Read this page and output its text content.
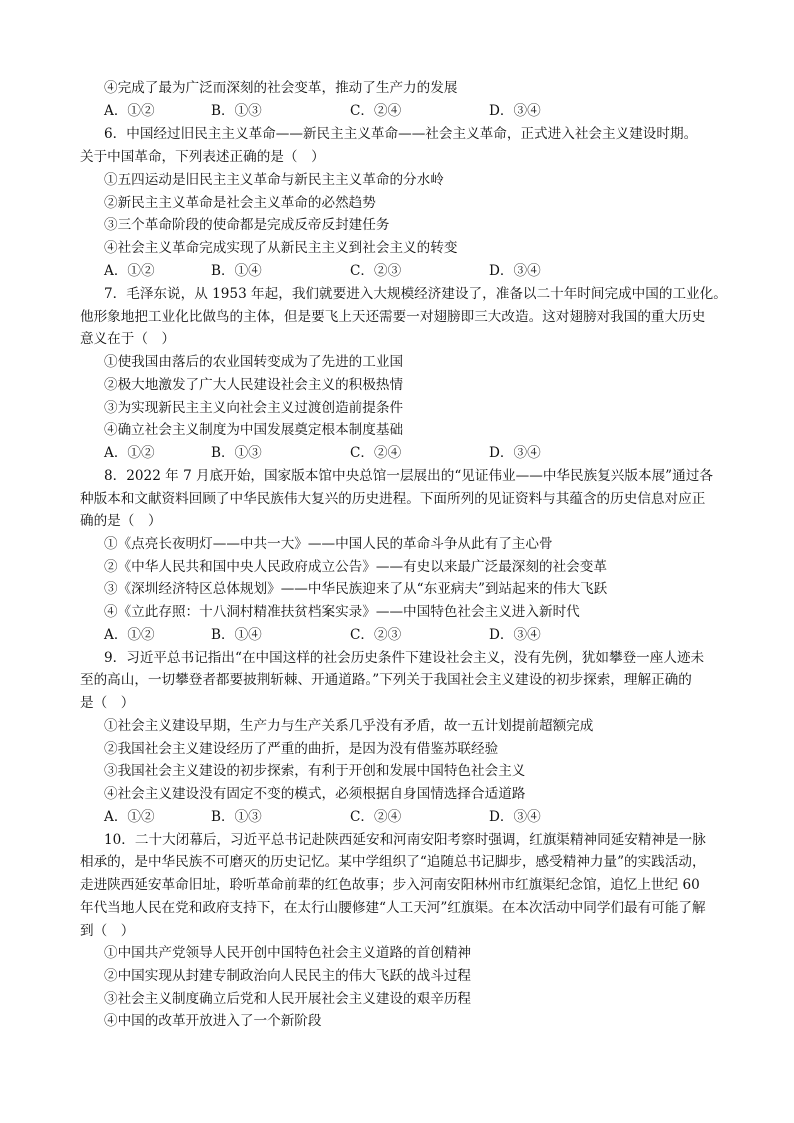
④完成了最为广泛而深刻的社会变革，推动了生产力的发展
A．①②	B．①③	C．②④	D．③④
6．中国经过旧民主主义革命——新民主主义革命——社会主义革命，正式进入社会主义建设时期。
关于中国革命，下列表述正确的是（　）
①五四运动是旧民主主义革命与新民主主义革命的分水岭
②新民主主义革命是社会主义革命的必然趋势
③三个革命阶段的使命都是完成反帝反封建任务
④社会主义革命完成实现了从新民主主义到社会主义的转变
A．①②	B．①④	C．②③	D．③④
7．毛泽东说，从 1953 年起，我们就要进入大规模经济建设了，准备以二十年时间完成中国的工业化。
他形象地把工业化比做鸟的主体，但是要飞上天还需要一对翅膀即三大改造。这对翅膀对我国的重大历史
意义在于（　）
①使我国由落后的农业国转变成为了先进的工业国
②极大地激发了广大人民建设社会主义的积极热情
③为实现新民主主义向社会主义过渡创造前提条件
④确立社会主义制度为中国发展奠定根本制度基础
A．①②	B．①③	C．②④	D．③④
8．2022 年 7 月底开始，国家版本馆中央总馆一层展出的“见证伟业——中华民族复兴版本展”通过各
种版本和文献资料回顾了中华民族伟大复兴的历史进程。下面所列的见证资料与其蕴含的历史信息对应正
确的是（　）
①《点亮长夜明灯——中共一大》——中国人民的革命斗争从此有了主心骨
②《中华人民共和国中央人民政府成立公告》——有史以来最广泛最深刻的社会变革
③《深圳经济特区总体规划》——中华民族迎来了从“东亚病夫”到站起来的伟大飞跃
④《立此存照：十八洞村精准扶贫档案实录》——中国特色社会主义进入新时代
A．①②	B．①④	C．②③	D．③④
9．习近平总书记指出“在中国这样的社会历史条件下建设社会主义，没有先例，犹如攀登一座人迹未
至的高山，一切攀登者都要披荆斩棘、开通道路。”下列关于我国社会主义建设的初步探索，理解正确的
是（　）
①社会主义建设早期，生产力与生产关系几乎没有矛盾，故一五计划提前超额完成
②我国社会主义建设经历了严重的曲折，是因为没有借鉴苏联经验
③我国社会主义建设的初步探索，有利于开创和发展中国特色社会主义
④社会主义建设没有固定不变的模式，必须根据自身国情选择合适道路
A．①②	B．①③	C．②④	D．③④
10．二十大闭幕后，习近平总书记赴陕西延安和河南安阳考察时强调，红旗渠精神同延安精神是一脉
相承的，是中华民族不可磨灭的历史记忆。某中学组织了“追随总书记脚步，感受精神力量”的实践活动，
走进陕西延安革命旧址，聆听革命前辈的红色故事；步入河南安阳林州市红旗渠纪念馆，追忆上世纪 60
年代当地人民在党和政府支持下，在太行山腰修建“人工天河”红旗渠。在本次活动中同学们最有可能了解
到（　）
①中国共产党领导人民开创中国特色社会主义道路的首创精神
②中国实现从封建专制政治向人民民主的伟大飞跃的战斗过程
③社会主义制度确立后党和人民开展社会主义建设的艰辛历程
④中国的改革开放进入了一个新阶段
